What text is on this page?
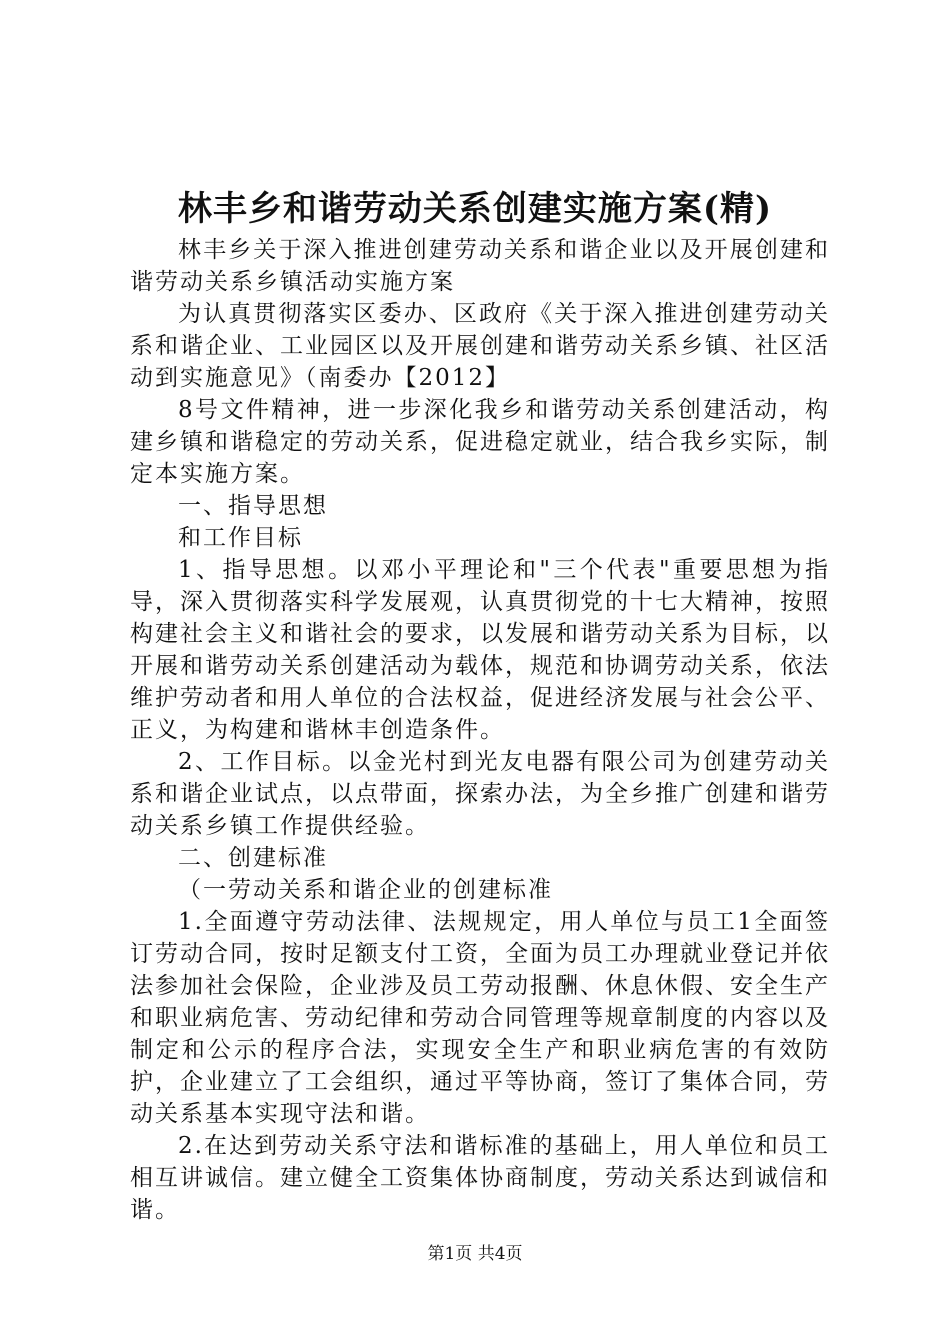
林丰乡和谐劳动关系创建实施方案(精)

林丰乡关于深入推进创建劳动关系和谐企业以及开展创建和谐劳动关系乡镇活动实施方案

为认真贯彻落实区委办、区政府《关于深入推进创建劳动关系和谐企业、工业园区以及开展创建和谐劳动关系乡镇、社区活动到实施意见》（南委办【2012】

8号文件精神，进一步深化我乡和谐劳动关系创建活动，构建乡镇和谐稳定的劳动关系，促进稳定就业，结合我乡实际，制定本实施方案。

一、指导思想

和工作目标

1、指导思想。以邓小平理论和"三个代表"重要思想为指导，深入贯彻落实科学发展观，认真贯彻党的十七大精神，按照构建社会主义和谐社会的要求，以发展和谐劳动关系为目标，以开展和谐劳动关系创建活动为载体，规范和协调劳动关系，依法维护劳动者和用人单位的合法权益，促进经济发展与社会公平、正义，为构建和谐林丰创造条件。

2、工作目标。以金光村到光友电器有限公司为创建劳动关系和谐企业试点，以点带面，探索办法，为全乡推广创建和谐劳动关系乡镇工作提供经验。

二、创建标准

（一劳动关系和谐企业的创建标准

1.全面遵守劳动法律、法规规定，用人单位与员工1全面签订劳动合同，按时足额支付工资，全面为员工办理就业登记并依法参加社会保险，企业涉及员工劳动报酬、休息休假、安全生产和职业病危害、劳动纪律和劳动合同管理等规章制度的内容以及制定和公示的程序合法，实现安全生产和职业病危害的有效防护，企业建立了工会组织，通过平等协商，签订了集体合同，劳动关系基本实现守法和谐。

2.在达到劳动关系守法和谐标准的基础上，用人单位和员工相互讲诚信。建立健全工资集体协商制度，劳动关系达到诚信和谐。

第1页 共4页
